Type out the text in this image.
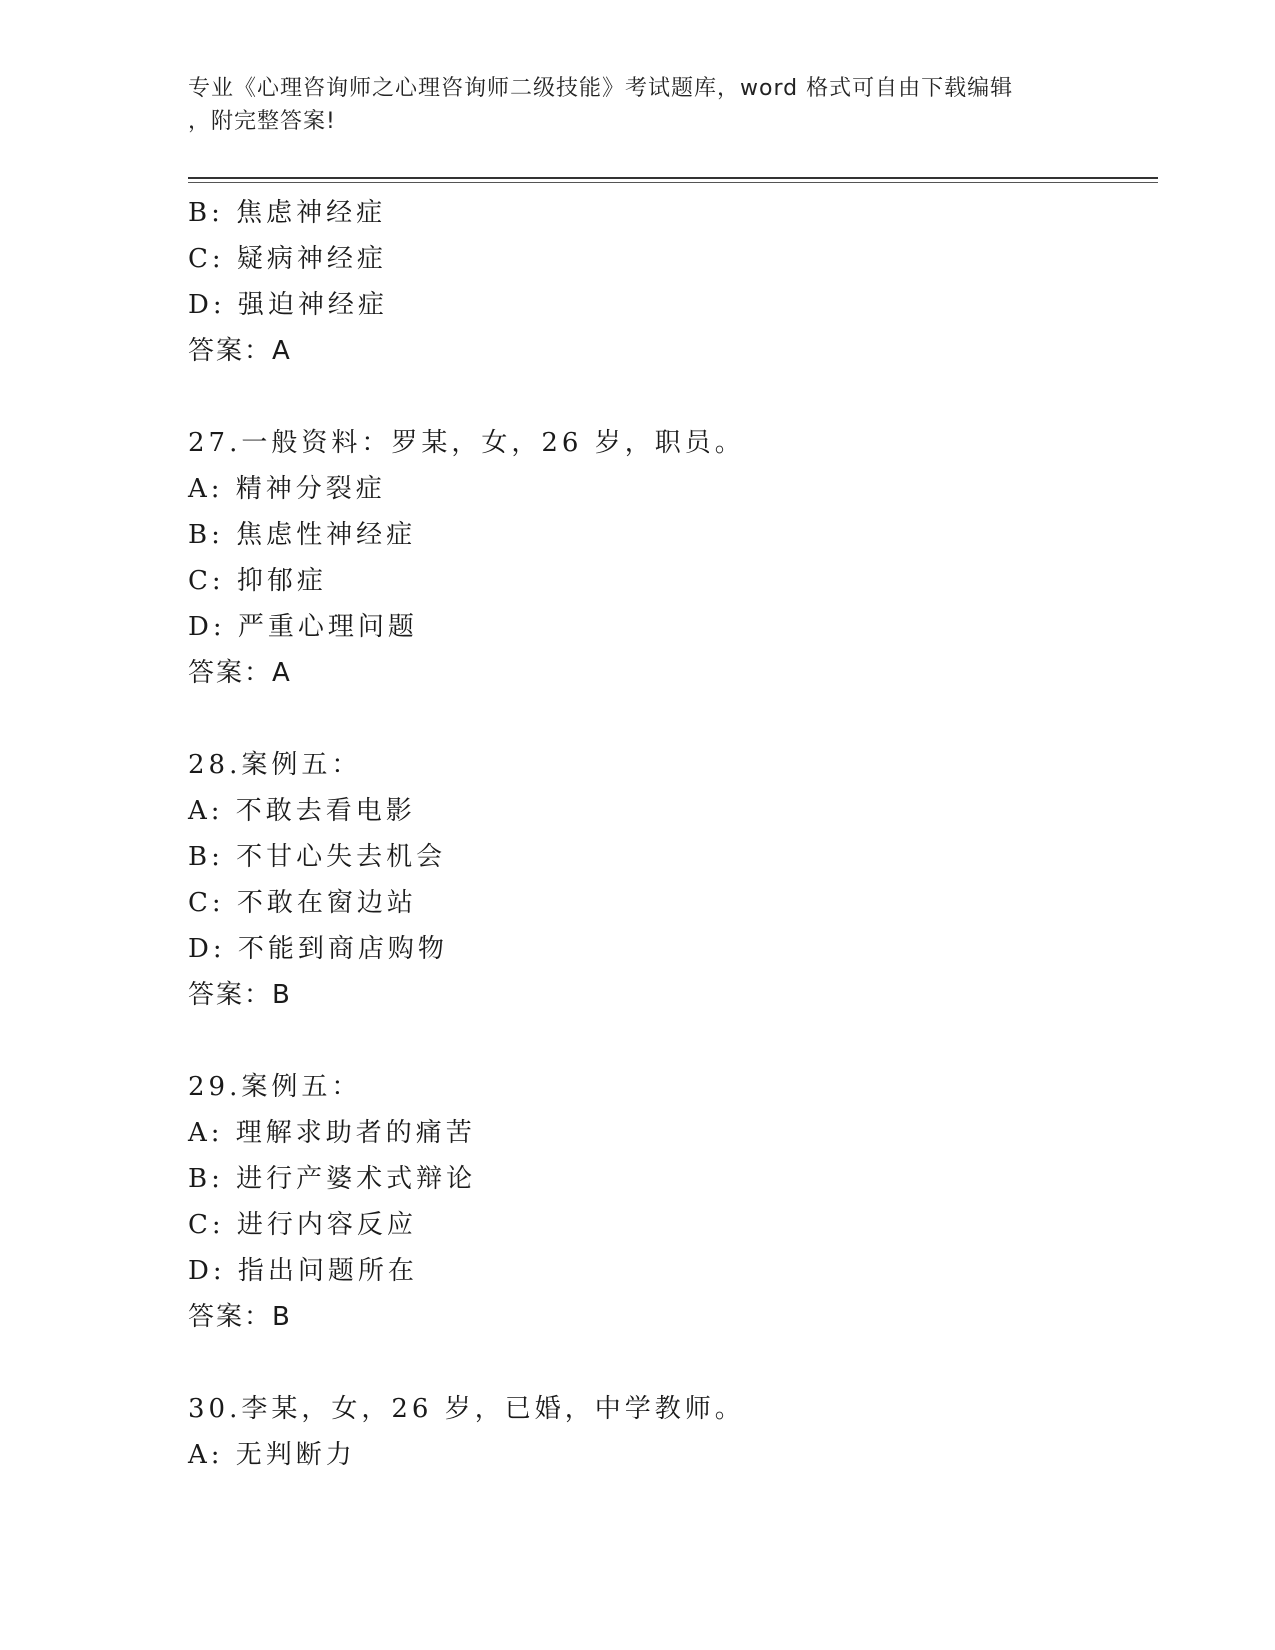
专业《心理咨询师之心理咨询师二级技能》考试题库，word 格式可自由下载编辑
，附完整答案!
B: 焦虑神经症
C: 疑病神经症
D: 强迫神经症
答案：A
27.一般资料：罗某，女，26 岁，职员。
A: 精神分裂症
B: 焦虑性神经症
C: 抑郁症
D: 严重心理问题
答案：A
28.案例五：
A: 不敢去看电影
B: 不甘心失去机会
C: 不敢在窗边站
D: 不能到商店购物
答案：B
29.案例五：
A: 理解求助者的痛苦
B: 进行产婆术式辩论
C: 进行内容反应
D: 指出问题所在
答案：B
30.李某，女，26 岁，已婚，中学教师。
A: 无判断力
